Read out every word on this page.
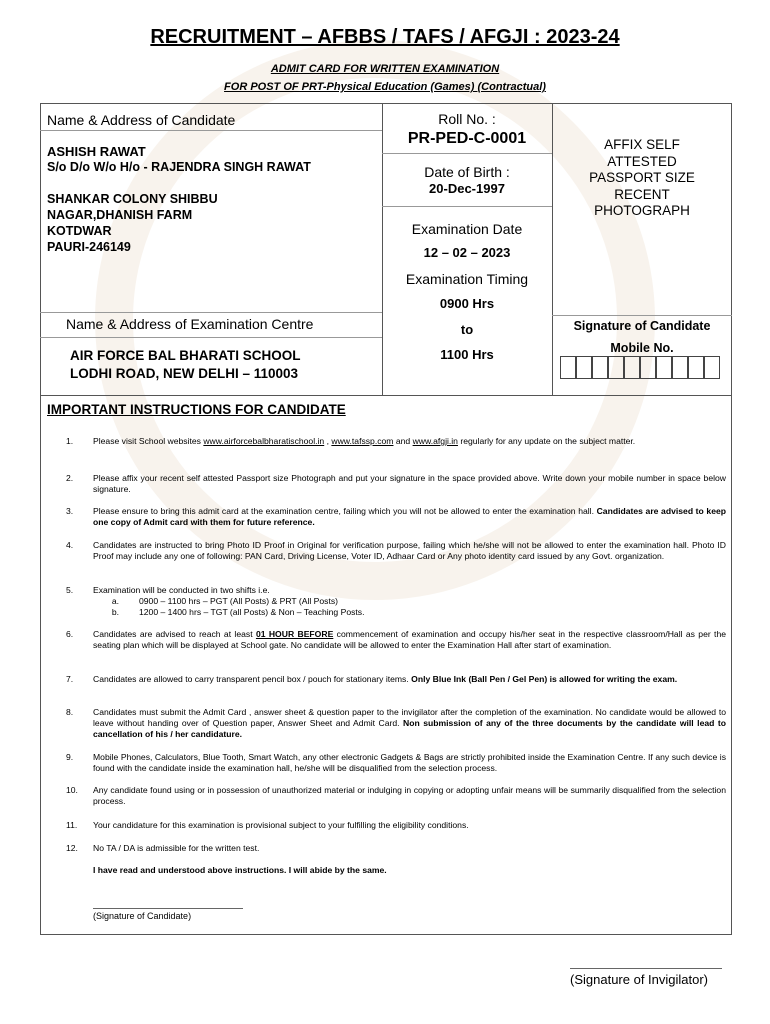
RECRUITMENT – AFBBS / TAFS / AFGJI : 2023-24
ADMIT CARD FOR WRITTEN EXAMINATION
FOR POST OF PRT-Physical Education (Games) (Contractual)
Name & Address of Candidate
ASHISH RAWAT
S/o D/o W/o H/o - RAJENDRA SINGH RAWAT
SHANKAR COLONY SHIBBU
NAGAR,DHANISH FARM
KOTDWAR
PAURI-246149
Name & Address of Examination Centre
AIR FORCE BAL BHARATI SCHOOL
LODHI ROAD, NEW DELHI – 110003
Roll No. :
PR-PED-C-0001
Date of Birth :
20-Dec-1997
Examination Date
12 – 02 – 2023
Examination Timing
0900 Hrs
to
1100 Hrs
AFFIX SELF
ATTESTED
PASSPORT SIZE
RECENT
PHOTOGRAPH
Signature of Candidate
Mobile No.
IMPORTANT INSTRUCTIONS FOR CANDIDATE
1.	Please visit School websites www.airforcebalbharatischool.in , www.tafssp.com and www.afgji.in regularly for any update on the subject matter.
2.	Please affix your recent self attested Passport size Photograph and put your signature in the space provided above. Write down your mobile number in space below signature.
3.	Please ensure to bring this admit card at the examination centre, failing which you will not be allowed to enter the examination hall. Candidates are advised to keep one copy of Admit card with them for future reference.
4.	Candidates are instructed to bring Photo ID Proof in Original for verification purpose, failing which he/she will not be allowed to enter the examination hall. Photo ID Proof may include any one of following: PAN Card, Driving License, Voter ID, Adhaar Card or Any photo identity card issued by any Govt. organization.
5.	Examination will be conducted in two shifts i.e.
a. 0900 – 1100 hrs – PGT (All Posts) & PRT (All Posts)
b. 1200 – 1400 hrs – TGT (all Posts) & Non – Teaching Posts.
6.	Candidates are advised to reach at least 01 HOUR BEFORE commencement of examination and occupy his/her seat in the respective classroom/Hall as per the seating plan which will be displayed at School gate. No candidate will be allowed to enter the Examination Hall after start of examination.
7.	Candidates are allowed to carry transparent pencil box / pouch for stationary items. Only Blue Ink (Ball Pen / Gel Pen) is allowed for writing the exam.
8.	Candidates must submit the Admit Card , answer sheet & question paper to the invigilator after the completion of the examination. No candidate would be allowed to leave without handing over of Question paper, Answer Sheet and Admit Card. Non submission of any of the three documents by the candidate will lead to cancellation of his / her candidature.
9.	Mobile Phones, Calculators, Blue Tooth, Smart Watch, any other electronic Gadgets & Bags are strictly prohibited inside the Examination Centre. If any such device is found with the candidate inside the examination hall, he/she will be disqualified from the selection process.
10.	Any candidate found using or in possession of unauthorized material or indulging in copying or adopting unfair means will be summarily disqualified from the selection process.
11.	Your candidature for this examination is provisional subject to your fulfilling the eligibility conditions.
12.	No TA / DA is admissible for the written test.
I have read and understood above instructions. I will abide by the same.
(Signature of Candidate)
(Signature of Invigilator)
